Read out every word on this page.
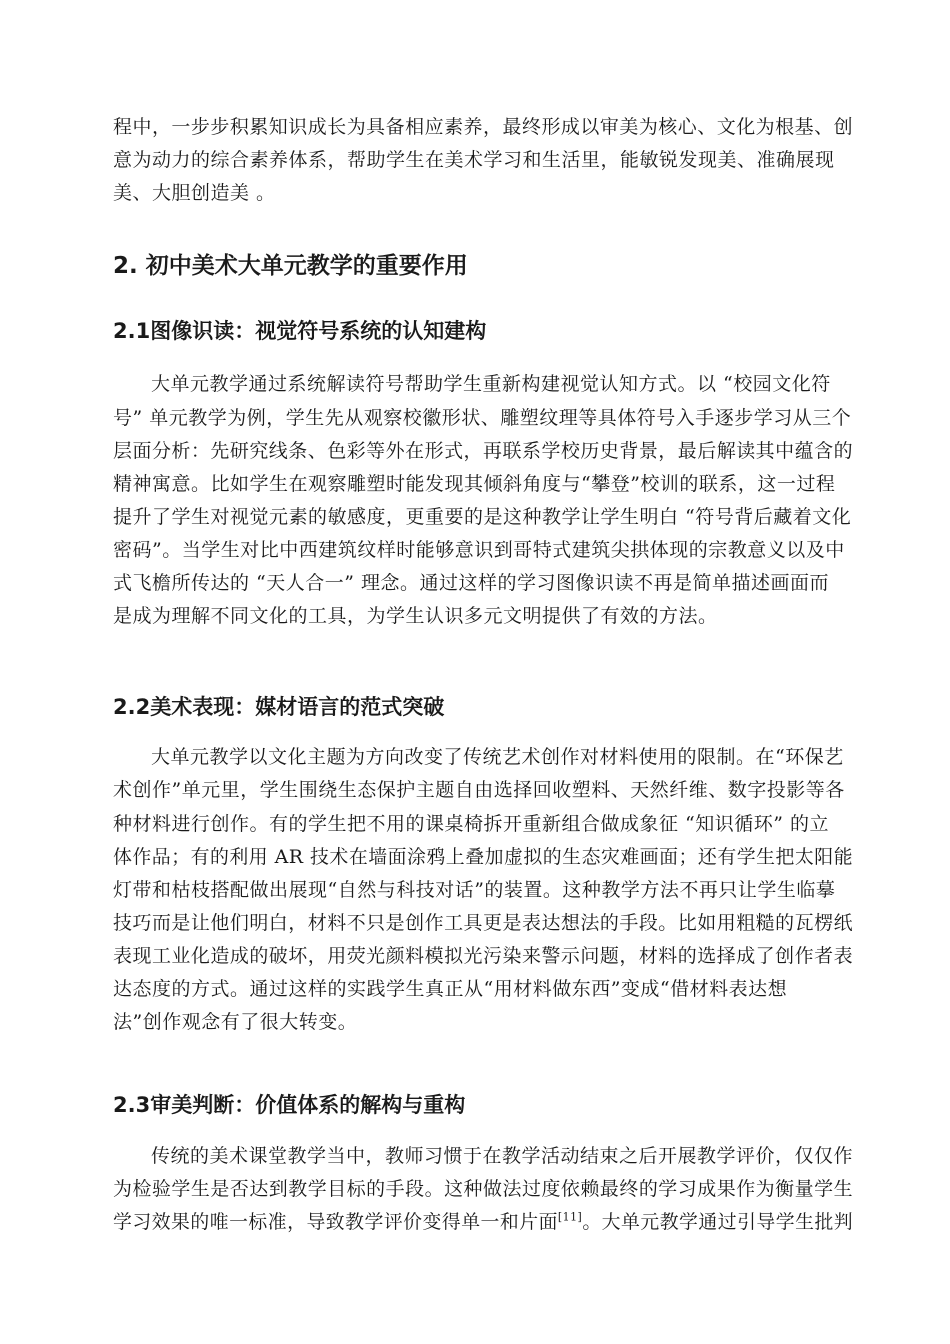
程中，一步步积累知识成长为具备相应素养，最终形成以审美为核心、文化为根基、创
意为动力的综合素养体系，帮助学生在美术学习和生活里，能敏锐发现美、准确展现
美、大胆创造美 。
2. 初中美术大单元教学的重要作用
2.1图像识读：视觉符号系统的认知建构
大单元教学通过系统解读符号帮助学生重新构建视觉认知方式。以 “校园文化符
号” 单元教学为例，学生先从观察校徽形状、雕塑纹理等具体符号入手逐步学习从三个
层面分析：先研究线条、色彩等外在形式，再联系学校历史背景，最后解读其中蕴含的
精神寓意。比如学生在观察雕塑时能发现其倾斜角度与“攀登”校训的联系，这一过程
提升了学生对视觉元素的敏感度，更重要的是这种教学让学生明白 “符号背后藏着文化
密码”。当学生对比中西建筑纹样时能够意识到哥特式建筑尖拱体现的宗教意义以及中
式飞檐所传达的 “天人合一” 理念。通过这样的学习图像识读不再是简单描述画面而
是成为理解不同文化的工具，为学生认识多元文明提供了有效的方法。
2.2美术表现：媒材语言的范式突破
大单元教学以文化主题为方向改变了传统艺术创作对材料使用的限制。在“环保艺
术创作”单元里，学生围绕生态保护主题自由选择回收塑料、天然纤维、数字投影等各
种材料进行创作。有的学生把不用的课桌椅拆开重新组合做成象征 “知识循环” 的立
体作品；有的利用 AR 技术在墙面涂鸦上叠加虚拟的生态灾难画面；还有学生把太阳能
灯带和枯枝搭配做出展现“自然与科技对话”的装置。这种教学方法不再只让学生临摹
技巧而是让他们明白，材料不只是创作工具更是表达想法的手段。比如用粗糙的瓦楞纸
表现工业化造成的破坏，用荧光颜料模拟光污染来警示问题，材料的选择成了创作者表
达态度的方式。通过这样的实践学生真正从“用材料做东西”变成“借材料表达想
法”创作观念有了很大转变。
2.3审美判断：价值体系的解构与重构
传统的美术课堂教学当中，教师习惯于在教学活动结束之后开展教学评价，仅仅作
为检验学生是否达到教学目标的手段。这种做法过度依赖最终的学习成果作为衡量学生
学习效果的唯一标准，导致教学评价变得单一和片面[11]。大单元教学通过引导学生批判
